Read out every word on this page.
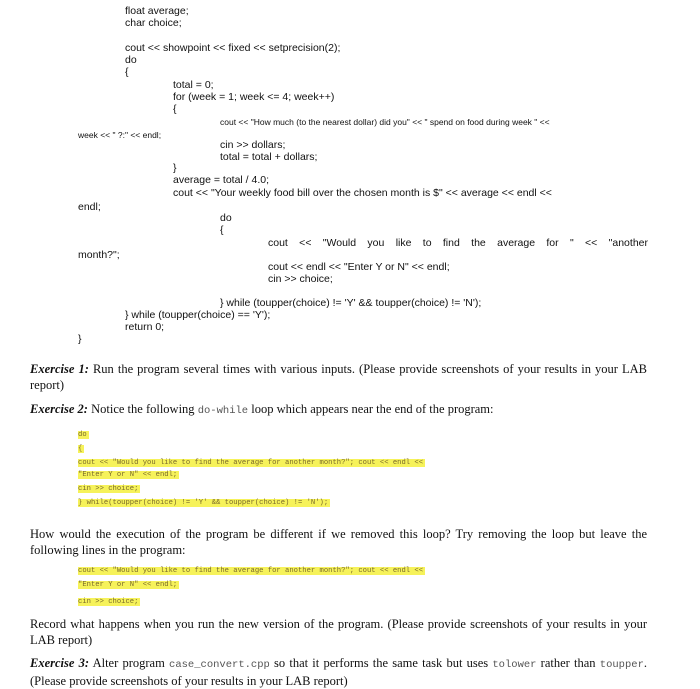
float average;
char choice;
cout << showpoint << fixed << setprecision(2);
do
{
total = 0;
for (week = 1; week <= 4; week++)
{
cout << "How much (to the nearest dollar) did you" << " spend on food during week " <<
week << " ?:" << endl;
cin >> dollars;
total = total + dollars;
}
average = total / 4.0;
cout << "Your weekly food bill over the chosen month is $" << average << endl <<
endl;
do
{
cout << "Would you like to find the average for " << "another
month?";
cout << endl << "Enter Y or N" << endl;
cin >> choice;
} while (toupper(choice) != 'Y' && toupper(choice) != 'N');
} while (toupper(choice) == 'Y');
return 0;
}
Exercise 1: Run the program several times with various inputs. (Please provide screenshots of your results in your LAB report)
Exercise 2: Notice the following do-while loop which appears near the end of the program:
do
{
cout << "Would you like to find the average for another month?"; cout << endl <<
"Enter Y or N" << endl;
cin >> choice;
} while(toupper(choice) != 'Y' && toupper(choice) != 'N');
How would the execution of the program be different if we removed this loop? Try removing the loop but leave the following lines in the program:
cout << "Would you like to find the average for another month?"; cout << endl <<
"Enter Y or N" << endl;
cin >> choice;
Record what happens when you run the new version of the program. (Please provide screenshots of your results in your LAB report)
Exercise 3: Alter program case_convert.cpp so that it performs the same task but uses tolower rather than toupper. (Please provide screenshots of your results in your LAB report)
